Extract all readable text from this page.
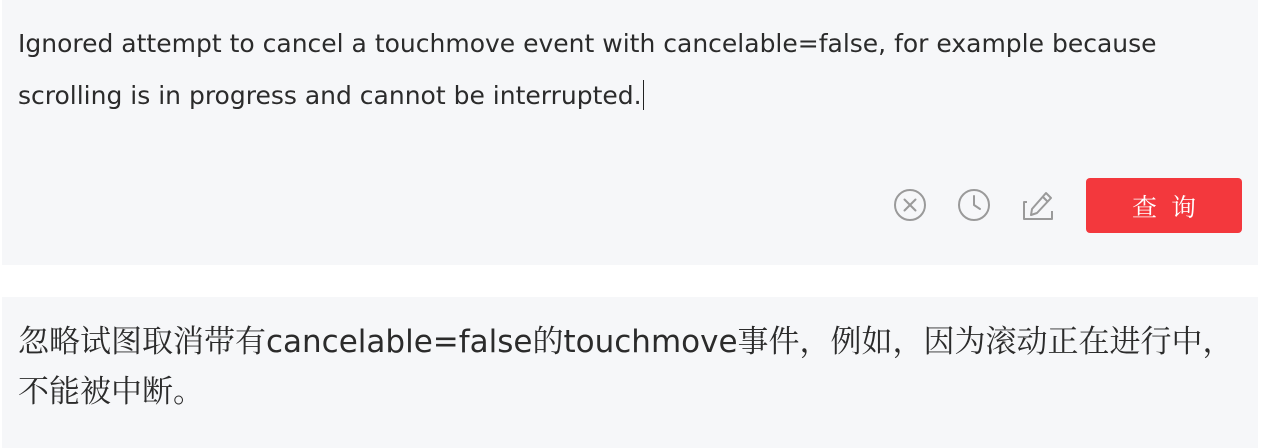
Ignored attempt to cancel a touchmove event with cancelable=false, for example because scrolling is in progress and cannot be interrupted.
查询
忽略试图取消带有cancelable=false的touchmove事件，例如，因为滚动正在进行中，不能被中断。
